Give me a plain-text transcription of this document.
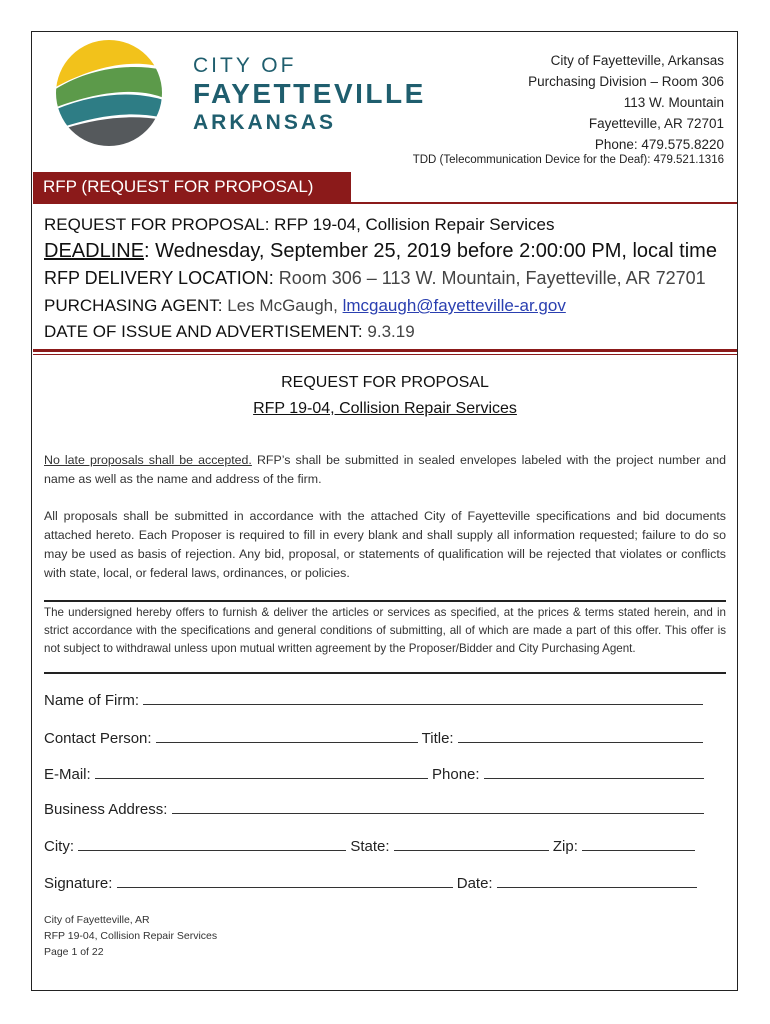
CITY OF
FAYETTEVILLE
ARKANSAS
City of Fayetteville, Arkansas
Purchasing Division – Room 306
113 W. Mountain
Fayetteville, AR 72701
Phone: 479.575.8220
TDD (Telecommunication Device for the Deaf): 479.521.1316
RFP (REQUEST FOR PROPOSAL)
REQUEST FOR PROPOSAL: RFP 19-04, Collision Repair Services
DEADLINE: Wednesday, September 25, 2019 before 2:00:00 PM, local time
RFP DELIVERY LOCATION: Room 306 – 113 W. Mountain, Fayetteville, AR 72701
PURCHASING AGENT: Les McGaugh, lmcgaugh@fayetteville-ar.gov
DATE OF ISSUE AND ADVERTISEMENT: 9.3.19
REQUEST FOR PROPOSAL
RFP 19-04, Collision Repair Services
No late proposals shall be accepted. RFP’s shall be submitted in sealed envelopes labeled with the project number and name as well as the name and address of the firm.
All proposals shall be submitted in accordance with the attached City of Fayetteville specifications and bid documents attached hereto. Each Proposer is required to fill in every blank and shall supply all information requested; failure to do so may be used as basis of rejection. Any bid, proposal, or statements of qualification will be rejected that violates or conflicts with state, local, or federal laws, ordinances, or policies.
The undersigned hereby offers to furnish & deliver the articles or services as specified, at the prices & terms stated herein, and in strict accordance with the specifications and general conditions of submitting, all of which are made a part of this offer. This offer is not subject to withdrawal unless upon mutual written agreement by the Proposer/Bidder and City Purchasing Agent.
Name of Firm:
Contact Person:	Title:
E-Mail:	Phone:
Business Address:
City:	State:	Zip:
Signature:	Date:
City of Fayetteville, AR
RFP 19-04, Collision Repair Services
Page 1 of 22
